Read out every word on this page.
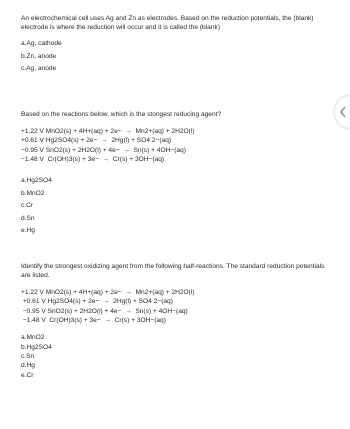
An electrochemical cell uses Ag and Zn as electrodes. Based on the reduction potentials, the (blank) electrode is where the reduction will occur and it is called the (blank)

a.Ag, cathode
b.Zn, anode
c.Ag, anode

Based on the reactions below, which is the stongest reducing agent?

+1.22 V MnO2(s) + 4H+(aq) + 2e−  →  Mn2+(aq) + 2H2O(l)
+0.61 V Hg2SO4(s) + 2e−  →  2Hg(l) + SO4 2−(aq)
−0.95 V SnO2(s) + 2H2O(l) + 4e−  →  Sn(s) + 4OH−(aq)
−1.48 V  Cr(OH)3(s) + 3e−  →  Cr(s) + 3OH−(aq)
a.Hg2SO4
b.MnO2
c.Cr
d.Sn
e.Hg

Identify the strongest oxidizing agent from the following half-reactions. The standard reduction potentials are listed.

+1.22 V MnO2(s) + 4H+(aq) + 2e−  →  Mn2+(aq) + 2H2O(l)
+0.61 V Hg2SO4(s) + 2e−  →  2Hg(l) + SO4 2−(aq)
−0.95 V SnO2(s) + 2H2O(l) + 4e−  →  Sn(s) + 4OH−(aq)
−1.48 V  Cr(OH)3(s) + 3e−  →  Cr(s) + 3OH−(aq)
a.MnO2
b.Hg2SO4
c.Sn
d.Hg
e.Cr
